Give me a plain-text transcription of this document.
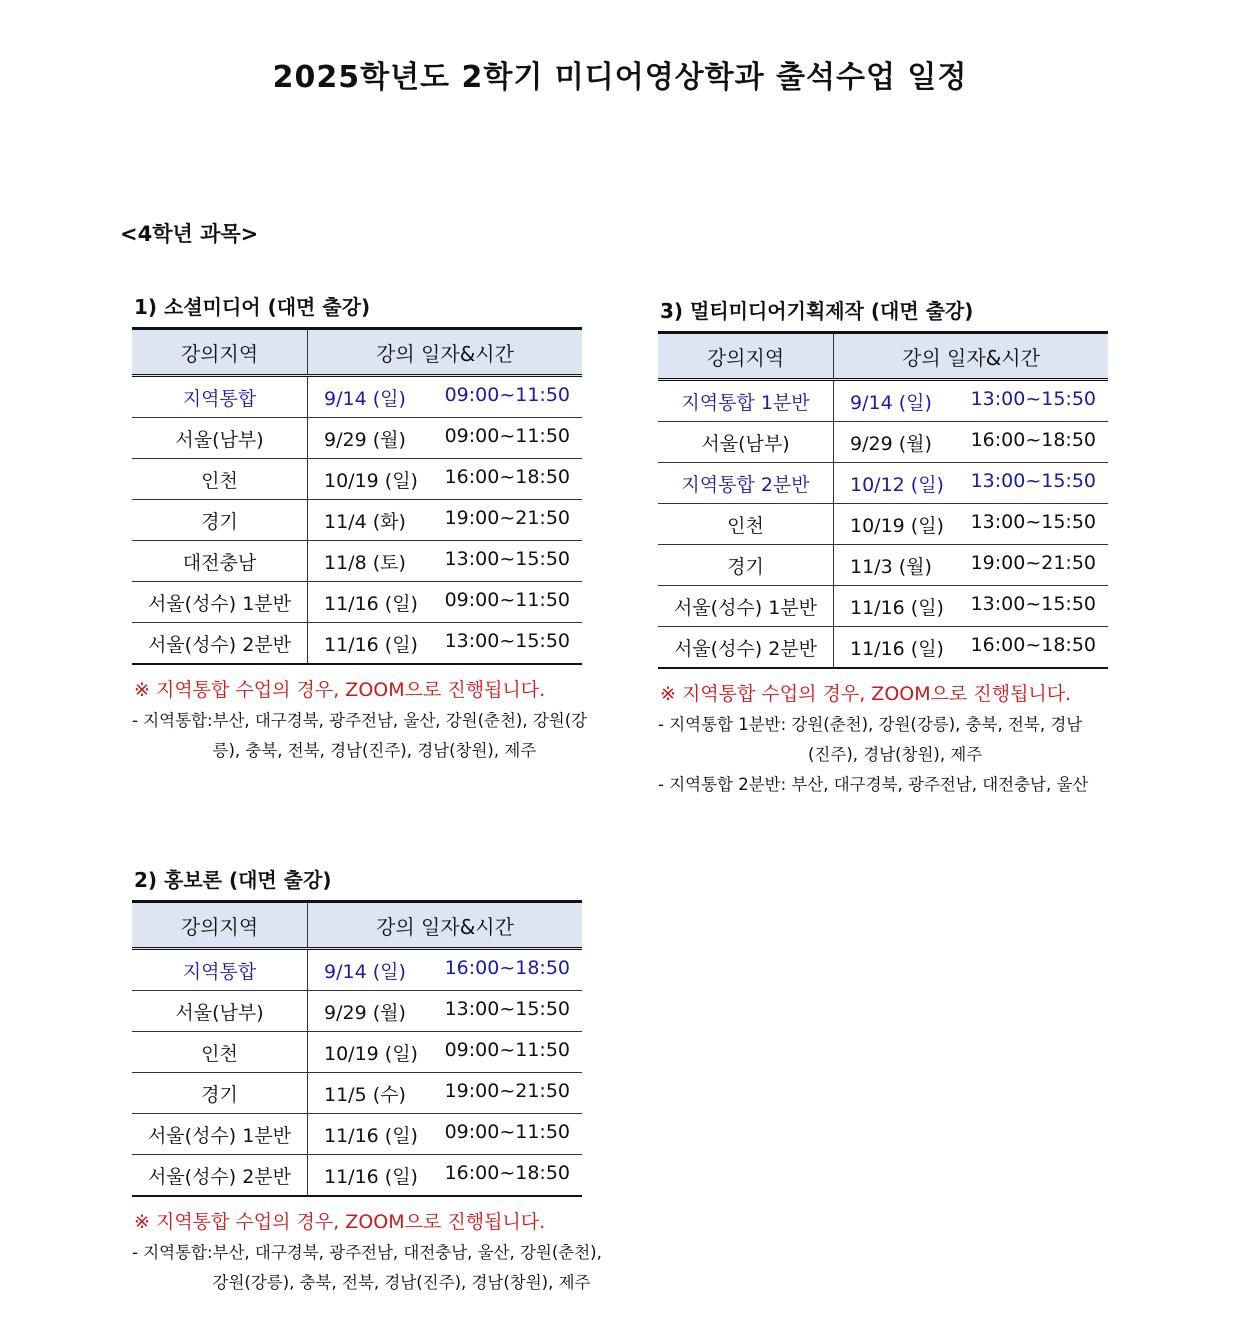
2025학년도 2학기 미디어영상학과 출석수업 일정
<4학년 과목>
1) 소셜미디어 (대면 출강)
강의지역	강의 일자&시간
지역통합	9/14 (일) 09:00~11:50

서울(남부)	9/29 (월) 09:00~11:50

인천	10/19 (일) 16:00~18:50

경기	11/4 (화) 19:00~21:50

대전충남	11/8 (토) 13:00~15:50

서울(성수) 1분반	11/16 (일) 09:00~11:50

서울(성수) 2분반	11/16 (일) 13:00~15:50
※ 지역통합 수업의 경우, ZOOM으로 진행됩니다.
- 지역통합: 부산, 대구경북, 광주전남, 울산, 강원(춘천), 강원(강릉), 충북, 전북, 경남(진주), 경남(창원), 제주
2) 홍보론 (대면 출강)
강의지역	강의 일자&시간
지역통합	9/14 (일) 16:00~18:50

서울(남부)	9/29 (월) 13:00~15:50

인천	10/19 (일) 09:00~11:50

경기	11/5 (수) 19:00~21:50

서울(성수) 1분반	11/16 (일) 09:00~11:50

서울(성수) 2분반	11/16 (일) 16:00~18:50
※ 지역통합 수업의 경우, ZOOM으로 진행됩니다.
- 지역통합: 부산, 대구경북, 광주전남, 대전충남, 울산, 강원(춘천), 강원(강릉), 충북, 전북, 경남(진주), 경남(창원), 제주
3) 멀티미디어기획제작 (대면 출강)
강의지역	강의 일자&시간
지역통합 1분반	9/14 (일) 13:00~15:50

서울(남부)	9/29 (월) 16:00~18:50

지역통합 2분반	10/12 (일) 13:00~15:50

인천	10/19 (일) 13:00~15:50

경기	11/3 (월) 19:00~21:50

서울(성수) 1분반	11/16 (일) 13:00~15:50

서울(성수) 2분반	11/16 (일) 16:00~18:50
※ 지역통합 수업의 경우, ZOOM으로 진행됩니다.
- 지역통합 1분반: 강원(춘천), 강원(강릉), 충북, 전북, 경남
(진주), 경남(창원), 제주
- 지역통합 2분반: 부산, 대구경북, 광주전남, 대전충남, 울산
